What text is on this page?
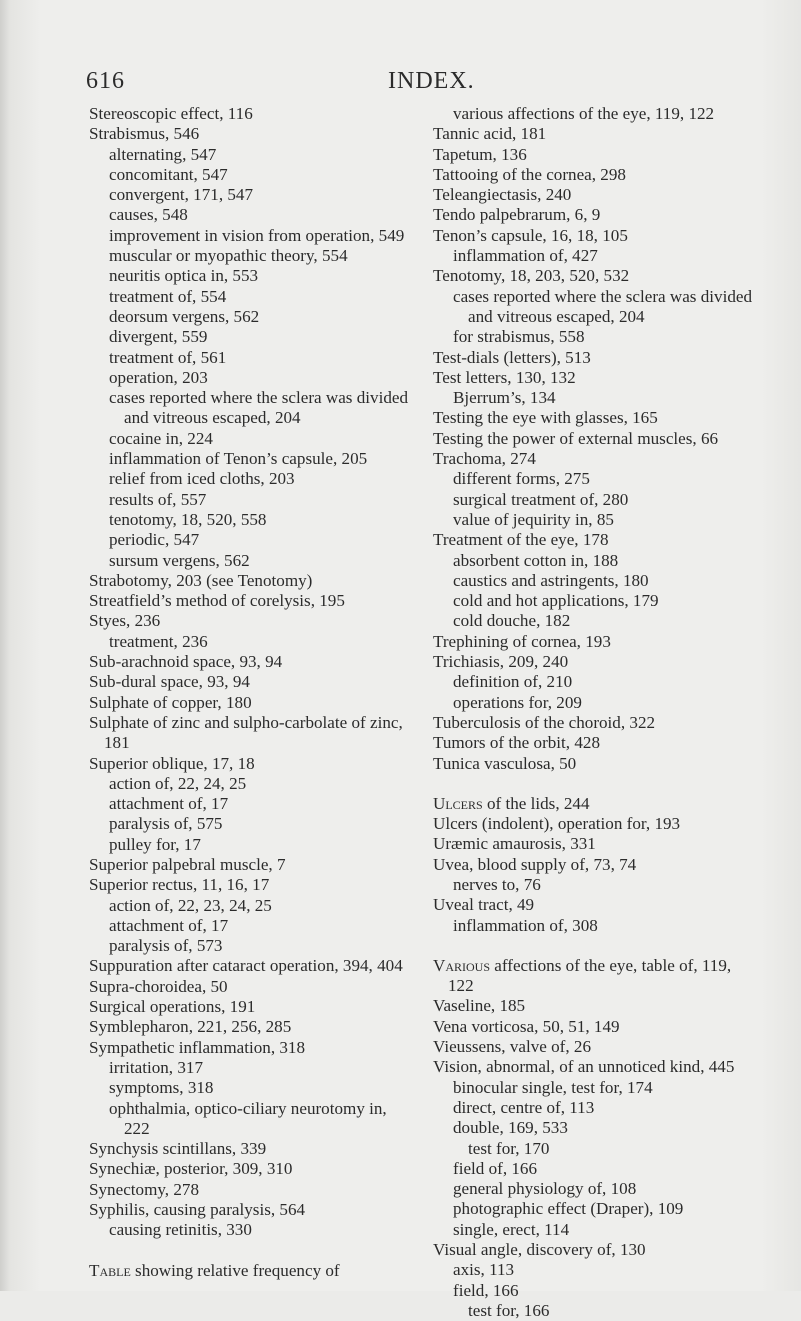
616	INDEX.
Stereoscopic effect, 116
Strabismus, 546
alternating, 547
concomitant, 547
convergent, 171, 547
causes, 548
improvement in vision from operation, 549
muscular or myopathic theory, 554
neuritis optica in, 553
treatment of, 554
deorsum vergens, 562
divergent, 559
treatment of, 561
operation, 203
cases reported where the sclera was divided and vitreous escaped, 204
cocaine in, 224
inflammation of Tenon’s capsule, 205
relief from iced cloths, 203
results of, 557
tenotomy, 18, 520, 558
periodic, 547
sursum vergens, 562
Strabotomy, 203 (see Tenotomy)
Streatfield’s method of corelysis, 195
Styes, 236
treatment, 236
Sub-arachnoid space, 93, 94
Sub-dural space, 93, 94
Sulphate of copper, 180
Sulphate of zinc and sulpho-carbolate of zinc, 181
Superior oblique, 17, 18
action of, 22, 24, 25
attachment of, 17
paralysis of, 575
pulley for, 17
Superior palpebral muscle, 7
Superior rectus, 11, 16, 17
action of, 22, 23, 24, 25
attachment of, 17
paralysis of, 573
Suppuration after cataract operation, 394, 404
Supra-choroidea, 50
Surgical operations, 191
Symblepharon, 221, 256, 285
Sympathetic inflammation, 318
irritation, 317
symptoms, 318
ophthalmia, optico-ciliary neurotomy in, 222
Synchysis scintillans, 339
Synechiæ, posterior, 309, 310
Synectomy, 278
Syphilis, causing paralysis, 564
causing retinitis, 330
Table showing relative frequency of
various affections of the eye, 119, 122
Tannic acid, 181
Tapetum, 136
Tattooing of the cornea, 298
Teleangiectasis, 240
Tendo palpebrarum, 6, 9
Tenon’s capsule, 16, 18, 105
inflammation of, 427
Tenotomy, 18, 203, 520, 532
cases reported where the sclera was divided and vitreous escaped, 204
for strabismus, 558
Test-dials (letters), 513
Test letters, 130, 132
Bjerrum’s, 134
Testing the eye with glasses, 165
Testing the power of external muscles, 66
Trachoma, 274
different forms, 275
surgical treatment of, 280
value of jequirity in, 85
Treatment of the eye, 178
absorbent cotton in, 188
caustics and astringents, 180
cold and hot applications, 179
cold douche, 182
Trephining of cornea, 193
Trichiasis, 209, 240
definition of, 210
operations for, 209
Tuberculosis of the choroid, 322
Tumors of the orbit, 428
Tunica vasculosa, 50
Ulcers of the lids, 244
Ulcers (indolent), operation for, 193
Uræmic amaurosis, 331
Uvea, blood supply of, 73, 74
nerves to, 76
Uveal tract, 49
inflammation of, 308
Various affections of the eye, table of, 119, 122
Vaseline, 185
Vena vorticosa, 50, 51, 149
Vieussens, valve of, 26
Vision, abnormal, of an unnoticed kind, 445
binocular single, test for, 174
direct, centre of, 113
double, 169, 533
test for, 170
field of, 166
general physiology of, 108
photographic effect (Draper), 109
single, erect, 114
Visual angle, discovery of, 130
axis, 113
field, 166
test for, 166
